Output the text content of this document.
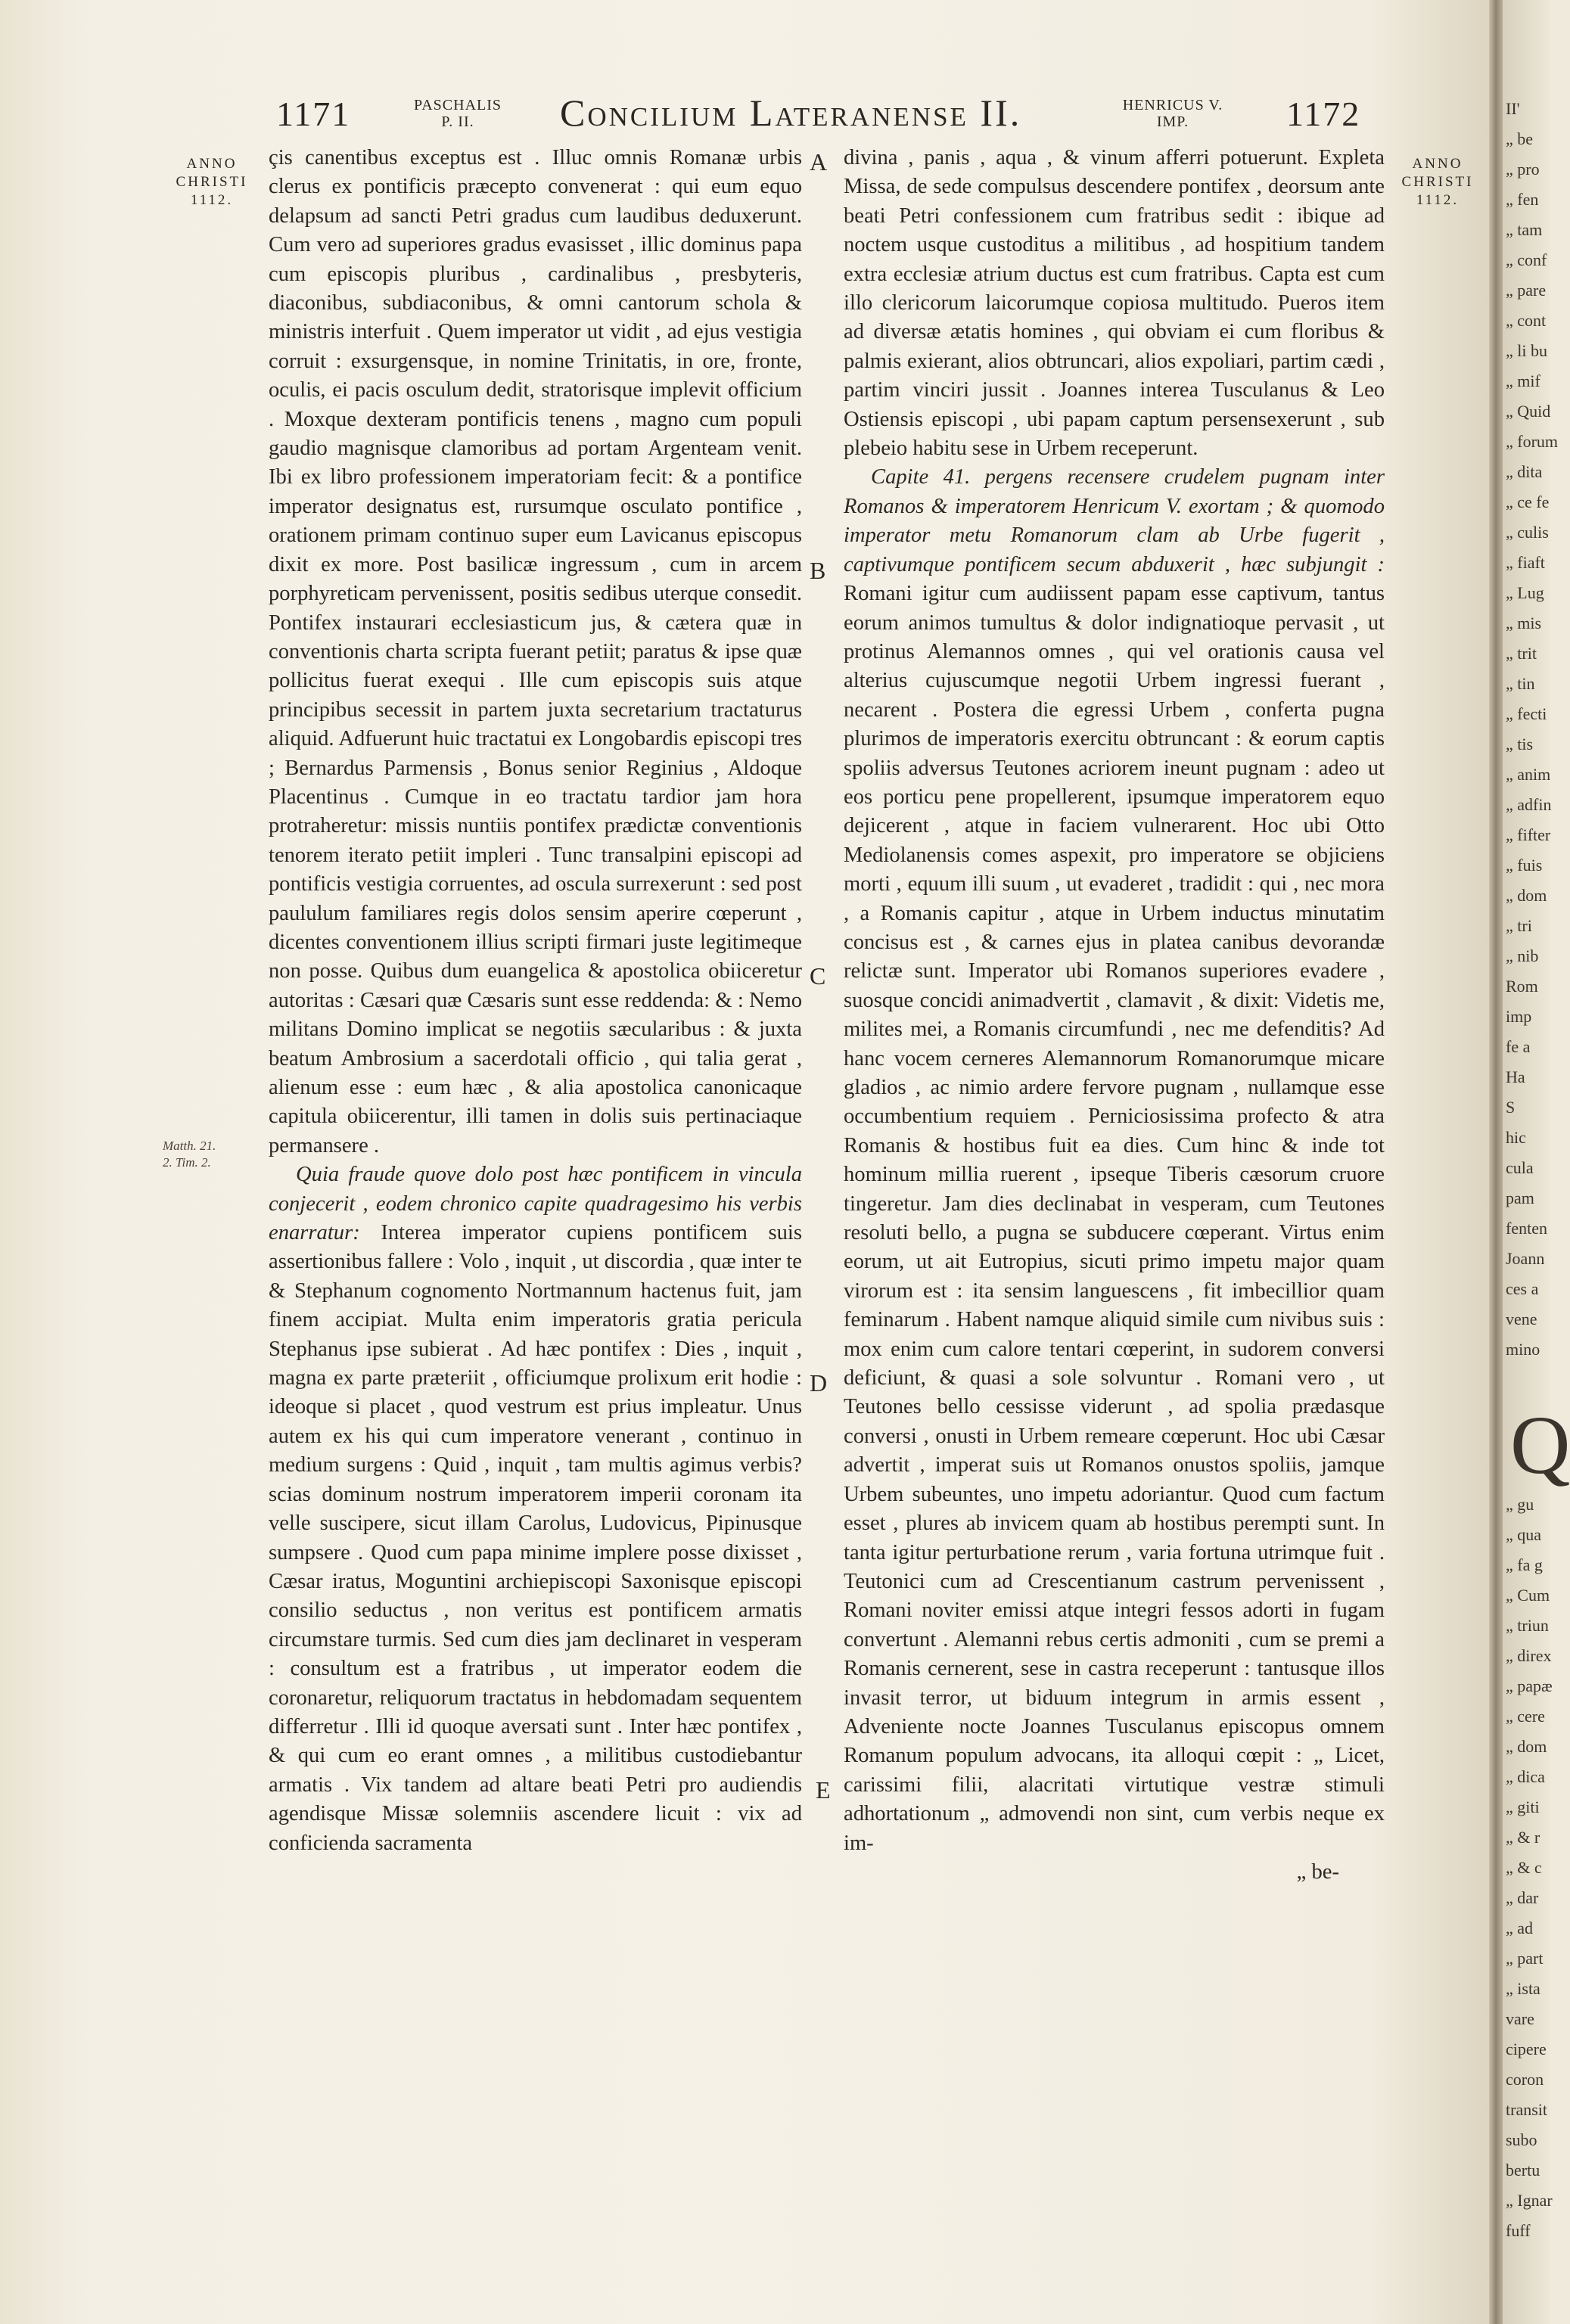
1171	PASCHALIS
P. II.	Concilium Lateranense II.	HENRICUS V.
IMP.	1172
ANNO
CHRISTI
1112.
ANNO
CHRISTI
1112.
Matth. 21.
2. Tim. 2.
A
B
C
D
E

çis canentibus exceptus est . Illuc omnis Romanæ urbis clerus ex pontificis præcepto convenerat : qui eum equo delapsum ad sancti Petri gradus cum laudibus deduxerunt. Cum vero ad superiores gradus evasisset , illic dominus papa cum episcopis pluribus , cardinalibus , presbyteris, diaconibus, subdiaconibus, & omni cantorum schola & ministris interfuit . Quem imperator ut vidit , ad ejus vestigia corruit : exsurgensque, in nomine Trinitatis, in ore, fronte, oculis, ei pacis osculum dedit, stratorisque implevit officium . Moxque dexteram pontificis tenens , magno cum populi gaudio magnisque clamoribus ad portam Argenteam venit. Ibi ex libro professionem imperatoriam fecit: & a pontifice imperator designatus est, rursumque osculato pontifice , orationem primam continuo super eum Lavicanus episcopus dixit ex more. Post basilicæ ingressum , cum in arcem porphyreticam pervenissent, positis sedibus uterque consedit. Pontifex instaurari ecclesiasticum jus, & cætera quæ in conventionis charta scripta fuerant petiit; paratus & ipse quæ pollicitus fuerat exequi . Ille cum episcopis suis atque principibus secessit in partem juxta secretarium tractaturus aliquid. Adfuerunt huic tractatui ex Longobardis episcopi tres ; Bernardus Parmensis , Bonus senior Reginius , Aldoque Placentinus . Cumque in eo tractatu tardior jam hora protraheretur: missis nuntiis pontifex prædictæ conventionis tenorem iterato petiit impleri . Tunc transalpini episcopi ad pontificis vestigia corruentes, ad oscula surrexerunt : sed post paululum familiares regis dolos sensim aperire cœperunt , dicentes conventionem illius scripti firmari juste legitimeque non posse. Quibus dum euangelica & apostolica obiiceretur autoritas : Cæsari quæ Cæsaris sunt esse reddenda: & : Nemo militans Domino implicat se negotiis sæcularibus : & juxta beatum Ambrosium a sacerdotali officio , qui talia gerat , alienum esse : eum hæc , & alia apostolica canonicaque capitula obiicerentur, illi tamen in dolis suis pertinaciaque permansere .

Quia fraude quove dolo post hæc pontificem in vincula conjecerit , eodem chronico capite quadragesimo his verbis enarratur: Interea imperator cupiens pontificem suis assertionibus fallere : Volo , inquit , ut discordia , quæ inter te & Stephanum cognomento Nortmannum hactenus fuit, jam finem accipiat. Multa enim imperatoris gratia pericula Stephanus ipse subierat . Ad hæc pontifex : Dies , inquit , magna ex parte præteriit , officiumque prolixum erit hodie : ideoque si placet , quod vestrum est prius impleatur. Unus autem ex his qui cum imperatore venerant , continuo in medium surgens : Quid , inquit , tam multis agimus verbis? scias dominum nostrum imperatorem imperii coronam ita velle suscipere, sicut illam Carolus, Ludovicus, Pipinusque sumpsere . Quod cum papa minime implere posse dixisset , Cæsar iratus, Moguntini archiepiscopi Saxonisque episcopi consilio seductus , non veritus est pontificem armatis circumstare turmis. Sed cum dies jam declinaret in vesperam : consultum est a fratribus , ut imperator eodem die coronaretur, reliquorum tractatus in hebdomadam sequentem differretur . Illi id quoque aversati sunt . Inter hæc pontifex , & qui cum eo erant omnes , a militibus custodiebantur armatis . Vix tandem ad altare beati Petri pro audiendis agendisque Missæ solemniis ascendere licuit : vix ad conficienda sacramenta

divina , panis , aqua , & vinum afferri potuerunt. Expleta Missa, de sede compulsus descendere pontifex , deorsum ante beati Petri confessionem cum fratribus sedit : ibique ad noctem usque custoditus a militibus , ad hospitium tandem extra ecclesiæ atrium ductus est cum fratribus. Capta est cum illo clericorum laicorumque copiosa multitudo. Pueros item ad diversæ ætatis homines , qui obviam ei cum floribus & palmis exierant, alios obtruncari, alios expoliari, partim cædi , partim vinciri jussit . Joannes interea Tusculanus & Leo Ostiensis episcopi , ubi papam captum persensexerunt , sub plebeio habitu sese in Urbem receperunt.

Capite 41. pergens recensere crudelem pugnam inter Romanos & imperatorem Henricum V. exortam ; & quomodo imperator metu Romanorum clam ab Urbe fugerit , captivumque pontificem secum abduxerit , hæc subjungit : Romani igitur cum audiissent papam esse captivum, tantus eorum animos tumultus & dolor indignatioque pervasit , ut protinus Alemannos omnes , qui vel orationis causa vel alterius cujuscumque negotii Urbem ingressi fuerant , necarent . Postera die egressi Urbem , conferta pugna plurimos de imperatoris exercitu obtruncant : & eorum captis spoliis adversus Teutones acriorem ineunt pugnam : adeo ut eos porticu pene propellerent, ipsumque imperatorem equo dejicerent , atque in faciem vulnerarent. Hoc ubi Otto Mediolanensis comes aspexit, pro imperatore se objiciens morti , equum illi suum , ut evaderet , tradidit : qui , nec mora , a Romanis capitur , atque in Urbem inductus minutatim concisus est , & carnes ejus in platea canibus devorandæ relictæ sunt. Imperator ubi Romanos superiores evadere , suosque concidi animadvertit , clamavit , & dixit: Videtis me, milites mei, a Romanis circumfundi , nec me defenditis? Ad hanc vocem cerneres Alemannorum Romanorumque micare gladios , ac nimio ardere fervore pugnam , nullamque esse occumbentium requiem . Perniciosissima profecto & atra Romanis & hostibus fuit ea dies. Cum hinc & inde tot hominum millia ruerent , ipseque Tiberis cæsorum cruore tingeretur. Jam dies declinabat in vesperam, cum Teutones resoluti bello, a pugna se subducere cœperant. Virtus enim eorum, ut ait Eutropius, sicuti primo impetu major quam virorum est : ita sensim languescens , fit imbecillior quam feminarum . Habent namque aliquid simile cum nivibus suis : mox enim cum calore tentari cœperint, in sudorem conversi deficiunt, & quasi a sole solvuntur . Romani vero , ut Teutones bello cessisse viderunt , ad spolia prædasque conversi , onusti in Urbem remeare cœperunt. Hoc ubi Cæsar advertit , imperat suis ut Romanos onustos spoliis, jamque Urbem subeuntes, uno impetu adoriantur. Quod cum factum esset , plures ab invicem quam ab hostibus perempti sunt. In tanta igitur perturbatione rerum , varia fortuna utrimque fuit . Teutonici cum ad Crescentianum castrum pervenissent , Romani noviter emissi atque integri fessos adorti in fugam convertunt . Alemanni rebus certis admoniti , cum se premi a Romanis cernerent, sese in castra receperunt : tantusque illos invasit terror, ut biduum integrum in armis essent , Adveniente nocte Joannes Tusculanus episcopus omnem Romanum populum advocans, ita alloqui cœpit : „ Licet, carissimi filii, alacritati virtutique vestræ stimuli adhortationum „ admovendi non sint, cum verbis neque ex im-

„ be-

II'
„ be
„ pro
„ fen
„ tam
„ conf
„ pare
„ cont
„ li bu
„ mif
„ Quid
„ forum
„ dita
„ ce fe
„ culis
„ fiaft
„ Lug
„ mis
„ trit
„ tin
„ fecti
„ tis
„ anim
„ adfin
„ fifter
„ fuis
„ dom
„ tri
„ nib
Rom
imp
fe a
Ha
S
hic
cula
pam
fenten
Joann
ces a
vene
mino
Q
„ gu
„ qua
„ fa g
„ Cum
„ triun
„ direx
„ papæ
„ cere
„ dom
„ dica
„ giti
„ & r
„ & c
„ dar
„ ad
„ part
„ ista
vare
cipere
coron
transit
subo
bertu
„ Ignar
fuff
